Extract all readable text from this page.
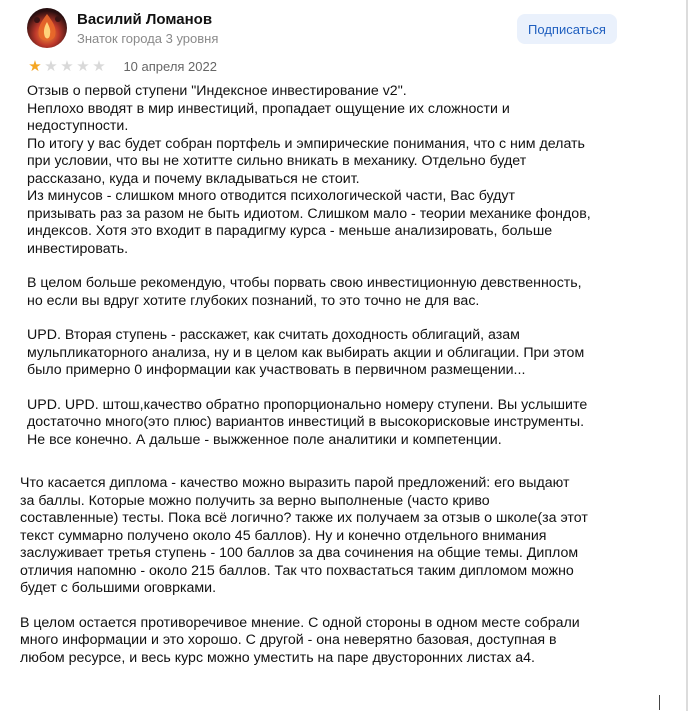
Василий Ломанов
Знаток города 3 уровня
Подписаться
★ ★ ★ ★ ★ 10 апреля 2022

Отзыв о первой ступени "Индексное инвестирование v2".
Неплохо вводят в мир инвестиций, пропадает ощущение их сложности и
недоступности.
По итогу у вас будет собран портфель и эмпирические понимания, что с ним делать
при условии, что вы не хотитте сильно вникать в механику. Отдельно будет
рассказано, куда и почему вкладываться не стоит.
Из минусов - слишком много отводится психологической части, Вас будут
призывать раз за разом не быть идиотом. Слишком мало - теории механике фондов,
индексов. Хотя это входит в парадигму курса - меньше анализировать, больше
инвестировать.

В целом больше рекомендую, чтобы порвать свою инвестиционную девственность,
но если вы вдруг хотите глубоких познаний, то это точно не для вас.

UPD. Вторая ступень - расскажет, как считать доходность облигаций, азам
мульпликаторного анализа, ну и в целом как выбирать акции и облигации. При этом
было примерно 0 информации как участвовать в первичном размещении...

UPD. UPD. штош,качество обратно пропорционально номеру ступени. Вы услышите
достаточно много(это плюс) вариантов инвестиций в высокорисковые инструменты.
Не все конечно. А дальше - выжженное поле аналитики и компетенции.

Что касается диплома - качество можно выразить парой предложений: его выдают
за баллы. Которые можно получить за верно выполненые (часто криво
составленные) тесты. Пока всё логично? также их получаем за отзыв о школе(за этот
текст суммарно получено около 45 баллов). Ну и конечно отдельного внимания
заслуживает третья ступень - 100 баллов за два сочинения на общие темы. Диплом
отличия напомню - около 215 баллов. Так что похвастаться таким дипломом можно
будет с большими оговрками.

В целом остается противоречивое мнение. С одной стороны в одном месте собрали
много информации и это хорошо. С другой - она неверятно базовая, доступная в
любом ресурсе, и весь курс можно уместить на паре двусторонних листах а4.
